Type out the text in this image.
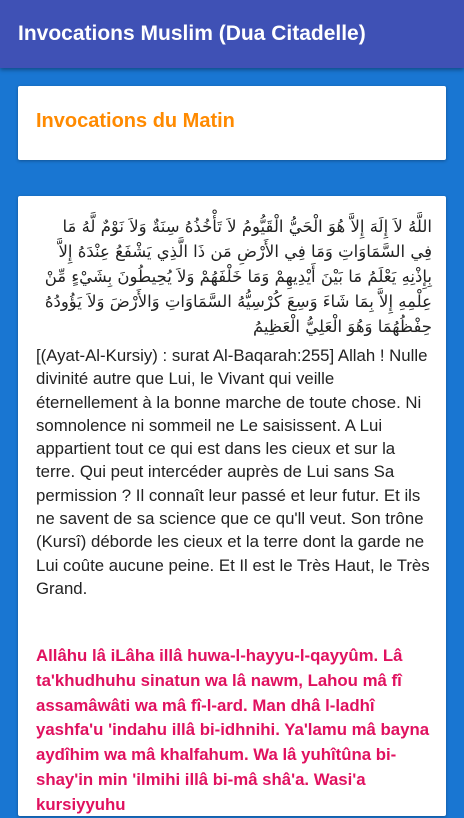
Invocations Muslim (Dua Citadelle)
Invocations du Matin
اللَّهُ لاَ إِلَهَ إِلاَّ هُوَ الْحَيُّ الْقَيُّومُ لاَ تَأْخُذُهُ سِنَةٌ وَلاَ نَوْمٌ لَّهُ مَا فِي السَّمَاوَاتِ وَمَا فِي الأَرْضِ مَن ذَا الَّذِي يَشْفَعُ عِنْدَهُ إِلاَّ بِإِذْنِهِ يَعْلَمُ مَا بَيْنَ أَيْدِيهِمْ وَمَا خَلْفَهُمْ وَلاَ يُحِيطُونَ بِشَيْءٍ مِّنْ عِلْمِهِ إِلاَّ بِمَا شَاءَ وَسِعَ كُرْسِيُّهُ السَّمَاوَاتِ وَالأَرْضَ وَلاَ يَؤُودُهُ حِفْظُهُمَا وَهُوَ الْعَلِيُّ الْعَظِيمُ
[(Ayat-Al-Kursiy) : surat Al-Baqarah:255] Allah ! Nulle divinité autre que Lui, le Vivant qui veille éternellement à la bonne marche de toute chose. Ni somnolence ni sommeil ne Le saisissent. A Lui appartient tout ce qui est dans les cieux et sur la terre. Qui peut intercéder auprès de Lui sans Sa permission ? Il connaît leur passé et leur futur. Et ils ne savent de sa science que ce qu'll veut. Son trône (Kursî) déborde les cieux et la terre dont la garde ne Lui coûte aucune peine. Et Il est le Très Haut, le Très Grand.
Allâhu lâ iLâha illâ huwa-l-hayyu-l-qayyûm. Lâ ta'khudhuhu sinatun wa lâ nawm, Lahou mâ fî assamâwâti wa mâ fî-l-ard. Man dhâ l-ladhî yashfa'u 'indahu illâ bi-idhnihi. Ya'lamu mâ bayna aydîhim wa mâ khalfahum. Wa lâ yuhîtûna bi-shay'in min 'ilmihi illâ bi-mâ shâ'a. Wasi'a kursiyyuhu
